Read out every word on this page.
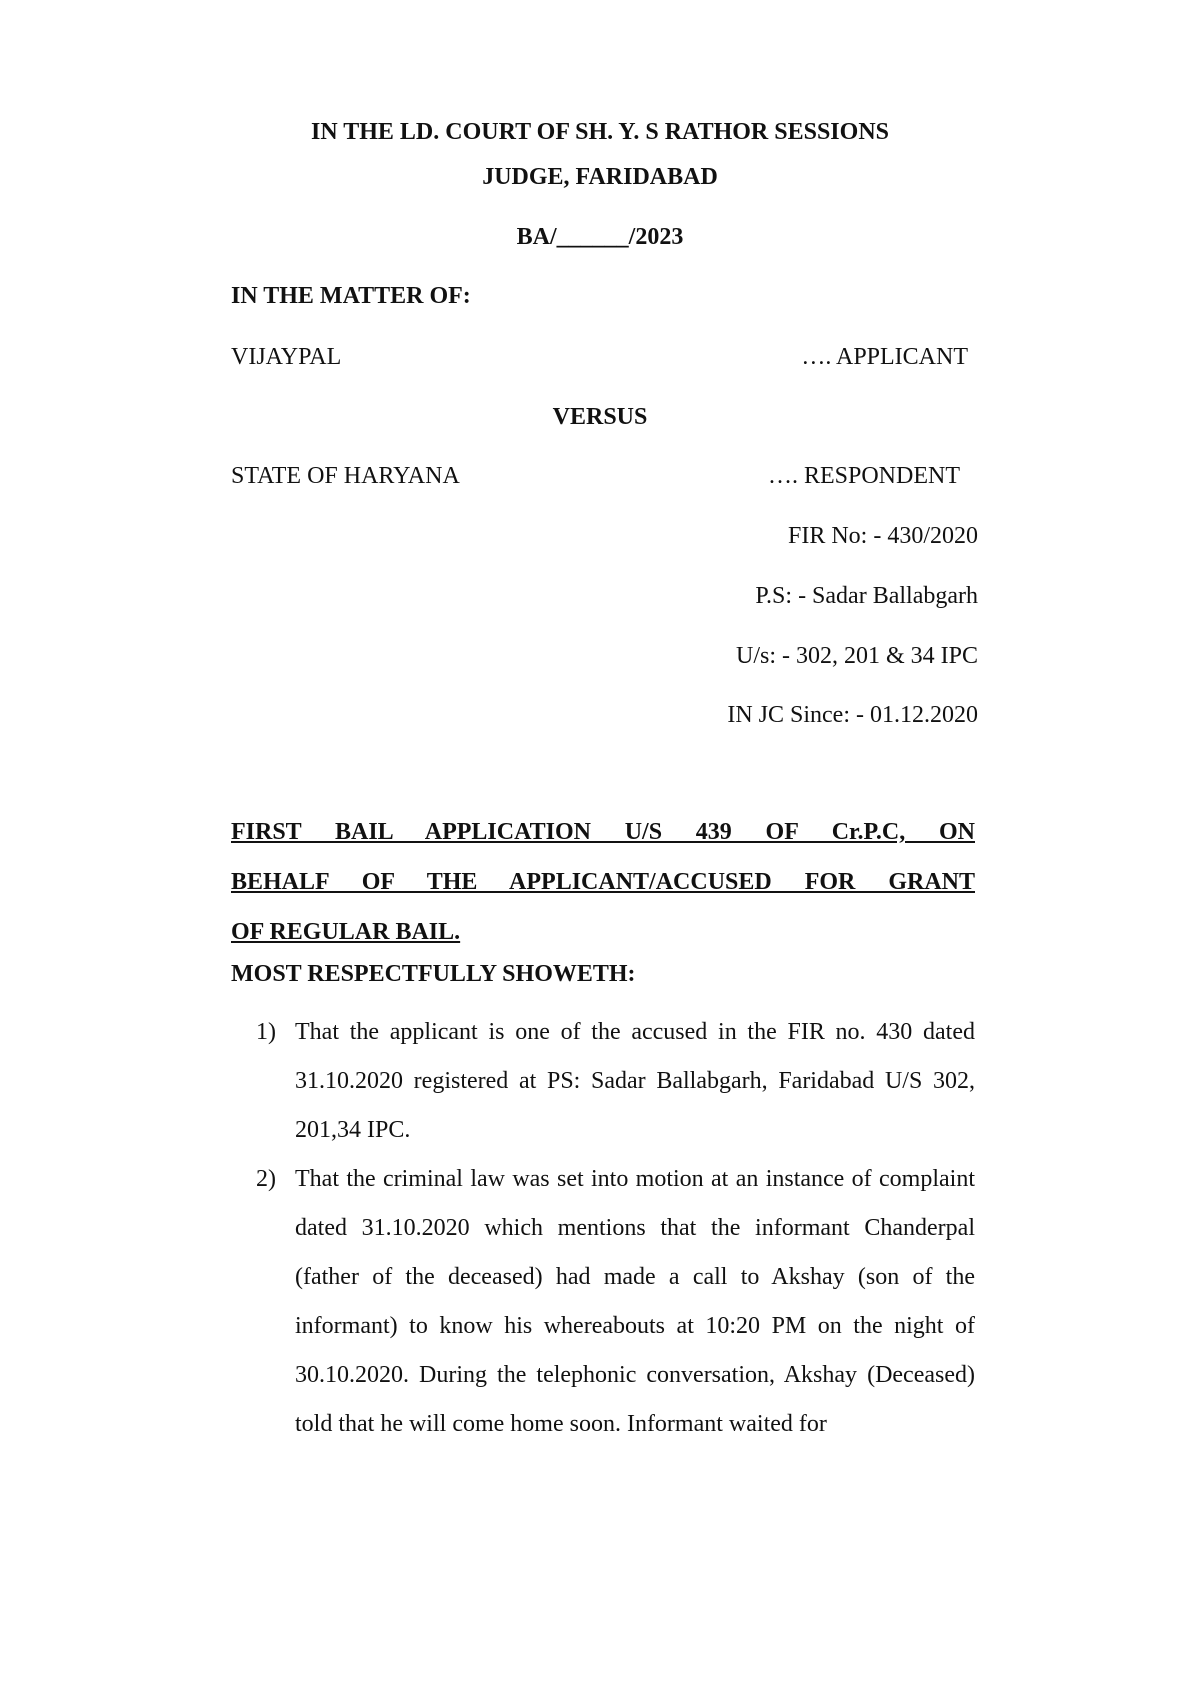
IN THE LD. COURT OF SH. Y. S RATHOR SESSIONS
JUDGE, FARIDABAD
BA/______/2023
IN THE MATTER OF:
VIJAYPAL	…. APPLICANT
VERSUS
STATE OF HARYANA	…. RESPONDENT
FIR No: - 430/2020
P.S: - Sadar Ballabgarh
U/s: - 302, 201 & 34 IPC
IN JC Since: - 01.12.2020
FIRST BAIL APPLICATION U/S 439 OF Cr.P.C, ON
BEHALF OF THE APPLICANT/ACCUSED FOR GRANT
OF REGULAR BAIL.
MOST RESPECTFULLY SHOWETH:
1) That the applicant is one of the accused in the FIR no. 430 dated 31.10.2020 registered at PS: Sadar Ballabgarh, Faridabad U/S 302, 201,34 IPC.
2) That the criminal law was set into motion at an instance of complaint dated 31.10.2020 which mentions that the informant Chanderpal (father of the deceased) had made a call to Akshay (son of the informant) to know his whereabouts at 10:20 PM on the night of 30.10.2020. During the telephonic conversation, Akshay (Deceased) told that he will come home soon. Informant waited for
